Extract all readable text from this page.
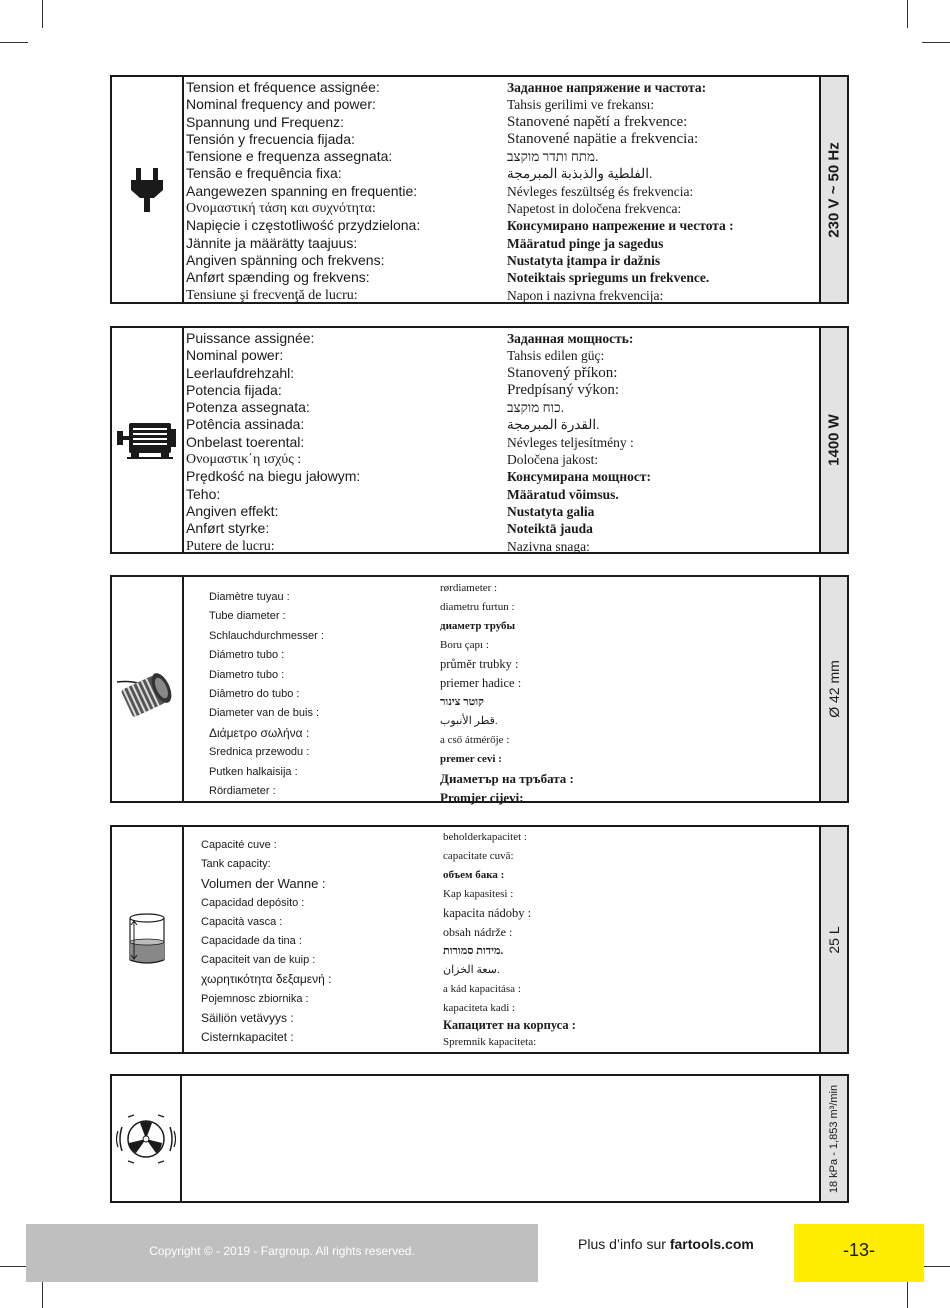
Tension et fréquence assignée:
Nominal frequency and power:
Spannung und Frequenz:
Tensión y frecuencia fijada:
Tensione e frequenza assegnata:
Tensão e frequência fixa:
Aangewezen spanning en frequentie:
Ονομαστική τάση και συχνότητα:
Napięcie i częstotliwość przydzielona:
Jännite ja määrätty taajuus:
Angiven spänning och frekvens:
Anført spænding og frekvens:
Tensiune şi frecvenţă de lucru:
Заданное напряжение и частота:
Tahsis gerilimi ve frekansı:
Stanovené napětí a frekvence:
Stanovené napätie a frekvencia:
מתח ותדר מוקצב.
الفلطية والذبذبة المبرمجة.
Névleges feszültség és frekvencia:
Napetost in določena frekvenca:
Консумирано напрежение и честота :
Määratud pinge ja sagedus
Nustatyta įtampa ir dažnis
Noteiktais spriegums un frekvence.
Napon i nazivna frekvencija:
230 V ~ 50 Hz
Puissance assignée:
Nominal power:
Leerlaufdrehzahl:
Potencia fijada:
Potenza assegnata:
Potência assinada:
Onbelast toerental:
Ονομαστικ΄η ισχύς :
Prędkość na biegu jałowym:
Teho:
Angiven effekt:
Anført styrke:
Putere de lucru:
Заданная мощность:
Tahsis edilen güç:
Stanovený příkon:
Predpísaný výkon:
כוח מוקצב.
القدرة المبرمجة.
Névleges teljesítmény :
Določena jakost:
Консумирана мощност:
Määratud võimsus.
Nustatyta galia
Noteiktā jauda
Nazivna snaga:
1400 W
Diamètre tuyau :
Tube diameter :
Schlauchdurchmesser :
Diámetro tubo :
Diametro tubo :
Diâmetro do tubo :
Diameter van de buis :
Διάμετρο σωλήνα :
Srednica przewodu :
Putken halkaisija :
Rördiameter :
rørdiameter :
diametru furtun :
диаметр трубы
Boru çapı :
průměr trubky :
priemer hadice :
קוטר צינור
قطر الأنبوب.
a cső átmérője :
premer cevi :
Диаметър на тръбата :
Promjer cijevi:
Ø 42 mm
Capacité cuve :
Tank capacity:
Volumen der Wanne :
Capacidad depósito :
Capacità vasca :
Capacidade da tina :
Capaciteit van de kuip :
χωρητικότητα δεξαμενή :
Pojemnosc zbiornika :
Säiliön vetävyys :
Cisternkapacitet :
beholderkapacitet :
capacitate cuvă:
объем бака :
Kap kapasitesi :
kapacita nádoby :
obsah nádrže :
מידות סמורות.
سعة الخزان.
a kád kapacitása :
kapaciteta kadi :
Капацитет на корпуса :
Spremnik kapaciteta:
25 L
18 kPa - 1,853 m³/min
Copyright © - 2019 - Fargroup. All rights reserved.	Plus d’info sur fartools.com	-13-
